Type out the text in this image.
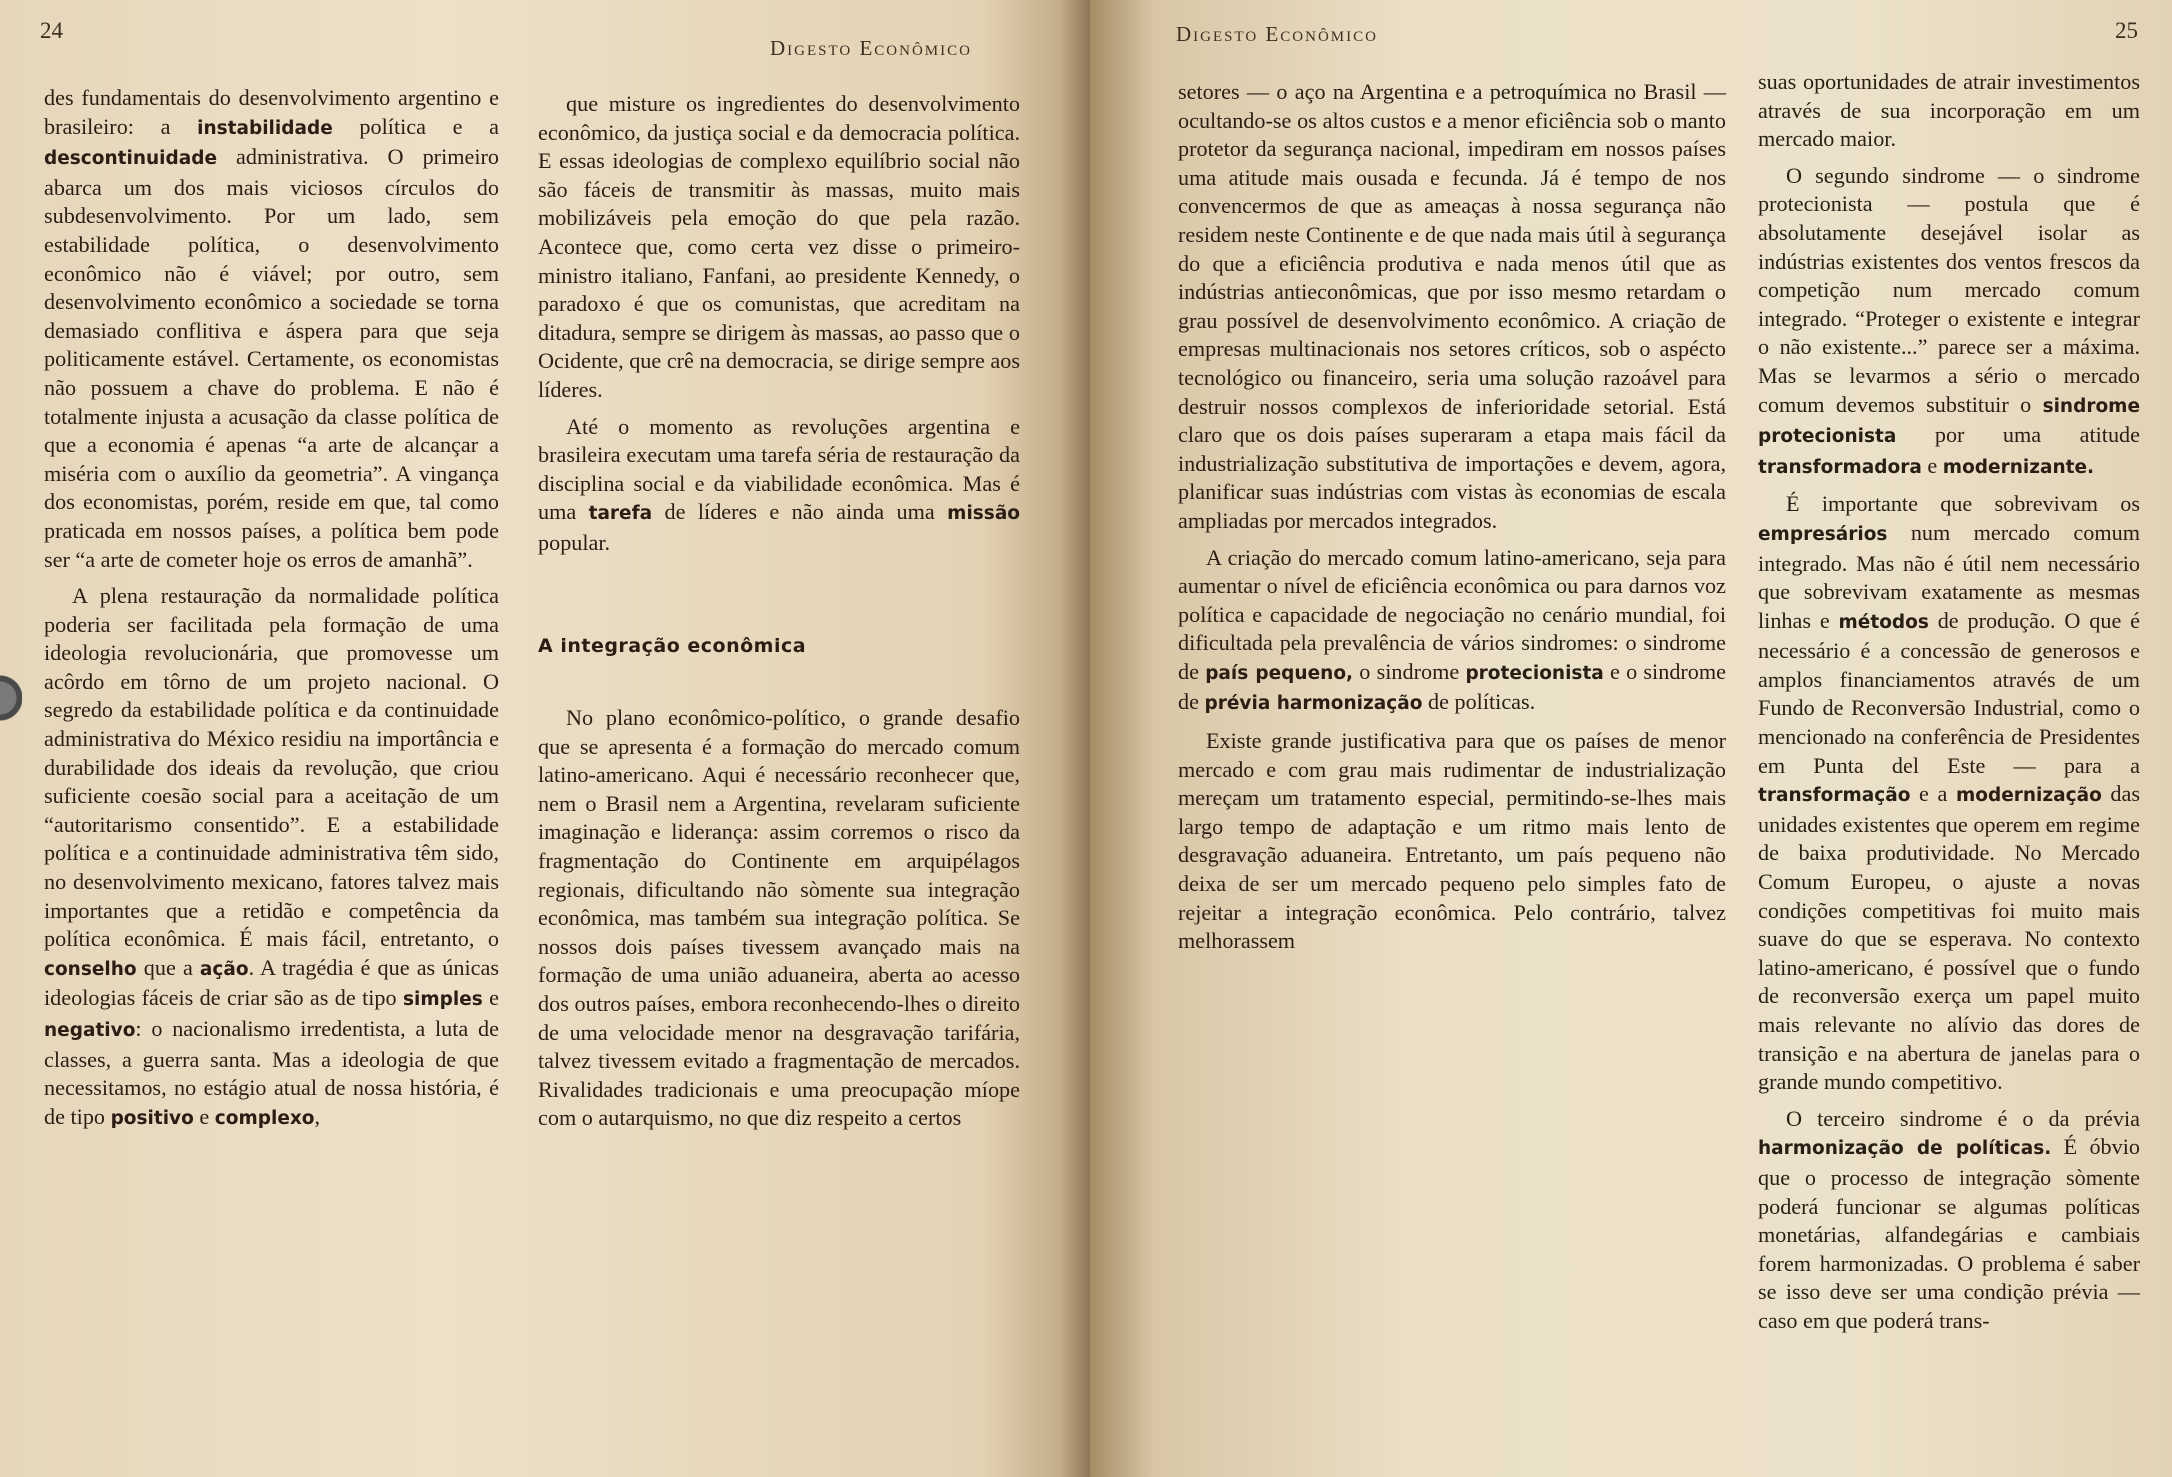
24
Digesto Econômico

des fundamentais do desenvolvimento argentino e brasileiro: a instabilidade política e a descontinuidade administrativa. O primeiro abarca um dos mais viciosos círculos do subdesenvolvimento. Por um lado, sem estabilidade política, o desenvolvimento econômico não é viável; por outro, sem desenvolvimento econômico a sociedade se torna demasiado conflitiva e áspera para que seja politicamente estável. Certamente, os economistas não possuem a chave do problema. E não é totalmente injusta a acusação da classe política de que a economia é apenas “a arte de alcançar a miséria com o auxílio da geometria”. A vingança dos economistas, porém, reside em que, tal como praticada em nossos países, a política bem pode ser “a arte de cometer hoje os erros de amanhã”.

A plena restauração da normalidade política poderia ser facilitada pela formação de uma ideologia revolucionária, que promovesse um acôrdo em tôrno de um projeto nacional. O segredo da estabilidade política e da continuidade administrativa do México residiu na importância e durabilidade dos ideais da revolução, que criou suficiente coesão social para a aceitação de um “autoritarismo consentido”. E a estabilidade política e a continuidade administrativa têm sido, no desenvolvimento mexicano, fatores talvez mais importantes que a retidão e competência da política econômica. É mais fácil, entretanto, o conselho que a ação. A tragédia é que as únicas ideologias fáceis de criar são as de tipo simples e negativo: o nacionalismo irredentista, a luta de classes, a guerra santa. Mas a ideologia de que necessitamos, no estágio atual de nossa história, é de tipo positivo e complexo,

que misture os ingredientes do desenvolvimento econômico, da justiça social e da democracia política. E essas ideologias de complexo equilíbrio social não são fáceis de transmitir às massas, muito mais mobilizáveis pela emoção do que pela razão. Acontece que, como certa vez disse o primeiro-ministro italiano, Fanfani, ao presidente Kennedy, o paradoxo é que os comunistas, que acreditam na ditadura, sempre se dirigem às massas, ao passo que o Ocidente, que crê na democracia, se dirige sempre aos líderes.

Até o momento as revoluções argentina e brasileira executam uma tarefa séria de restauração da disciplina social e da viabilidade econômica. Mas é uma tarefa de líderes e não ainda uma missão popular.

A integração econômica

No plano econômico-político, o grande desafio que se apresenta é a formação do mercado comum latino-americano. Aqui é necessário reconhecer que, nem o Brasil nem a Argentina, revelaram suficiente imaginação e liderança: assim corremos o risco da fragmentação do Continente em arquipélagos regionais, dificultando não sòmente sua integração econômica, mas também sua integração política. Se nossos dois países tivessem avançado mais na formação de uma união aduaneira, aberta ao acesso dos outros países, embora reconhecendo-lhes o direito de uma velocidade menor na desgravação tarifária, talvez tivessem evitado a fragmentação de mercados. Rivalidades tradicionais e uma preocupação míope com o autarquismo, no que diz respeito a certos

25
Digesto Econômico

setores — o aço na Argentina e a petroquímica no Brasil — ocultando-se os altos custos e a menor eficiência sob o manto protetor da segurança nacional, impediram em nossos países uma atitude mais ousada e fecunda. Já é tempo de nos convencermos de que as ameaças à nossa segurança não residem neste Continente e de que nada mais útil à segurança do que a eficiência produtiva e nada menos útil que as indústrias antieconômicas, que por isso mesmo retardam o grau possível de desenvolvimento econômico. A criação de empresas multinacionais nos setores críticos, sob o aspécto tecnológico ou financeiro, seria uma solução razoável para destruir nossos complexos de inferioridade setorial. Está claro que os dois países superaram a etapa mais fácil da industrialização substitutiva de importações e devem, agora, planificar suas indústrias com vistas às economias de escala ampliadas por mercados integrados.

A criação do mercado comum latino-americano, seja para aumentar o nível de eficiência econômica ou para darnos voz política e capacidade de negociação no cenário mundial, foi dificultada pela prevalência de vários sindromes: o sindrome de país pequeno, o sindrome protecionista e o sindrome de prévia harmonização de políticas.

Existe grande justificativa para que os países de menor mercado e com grau mais rudimentar de industrialização mereçam um tratamento especial, permitindo-se-lhes mais largo tempo de adaptação e um ritmo mais lento de desgravação aduaneira. Entretanto, um país pequeno não deixa de ser um mercado pequeno pelo simples fato de rejeitar a integração econômica. Pelo contrário, talvez melhorassem

suas oportunidades de atrair investimentos através de sua incorporação em um mercado maior.

O segundo sindrome — o sindrome protecionista — postula que é absolutamente desejável isolar as indústrias existentes dos ventos frescos da competição num mercado comum integrado. “Proteger o existente e integrar o não existente...” parece ser a máxima. Mas se levarmos a sério o mercado comum devemos substituir o sindrome protecionista por uma atitude transformadora e modernizante.

É importante que sobrevivam os empresários num mercado comum integrado. Mas não é útil nem necessário que sobrevivam exatamente as mesmas linhas e métodos de produção. O que é necessário é a concessão de generosos e amplos financiamentos através de um Fundo de Reconversão Industrial, como o mencionado na conferência de Presidentes em Punta del Este — para a transformação e a modernização das unidades existentes que operem em regime de baixa produtividade. No Mercado Comum Europeu, o ajuste a novas condições competitivas foi muito mais suave do que se esperava. No contexto latino-americano, é possível que o fundo de reconversão exerça um papel muito mais relevante no alívio das dores de transição e na abertura de janelas para o grande mundo competitivo.

O terceiro sindrome é o da prévia harmonização de políticas. É óbvio que o processo de integração sòmente poderá funcionar se algumas políticas monetárias, alfandegárias e cambiais forem harmonizadas. O problema é saber se isso deve ser uma condição prévia — caso em que poderá trans-
